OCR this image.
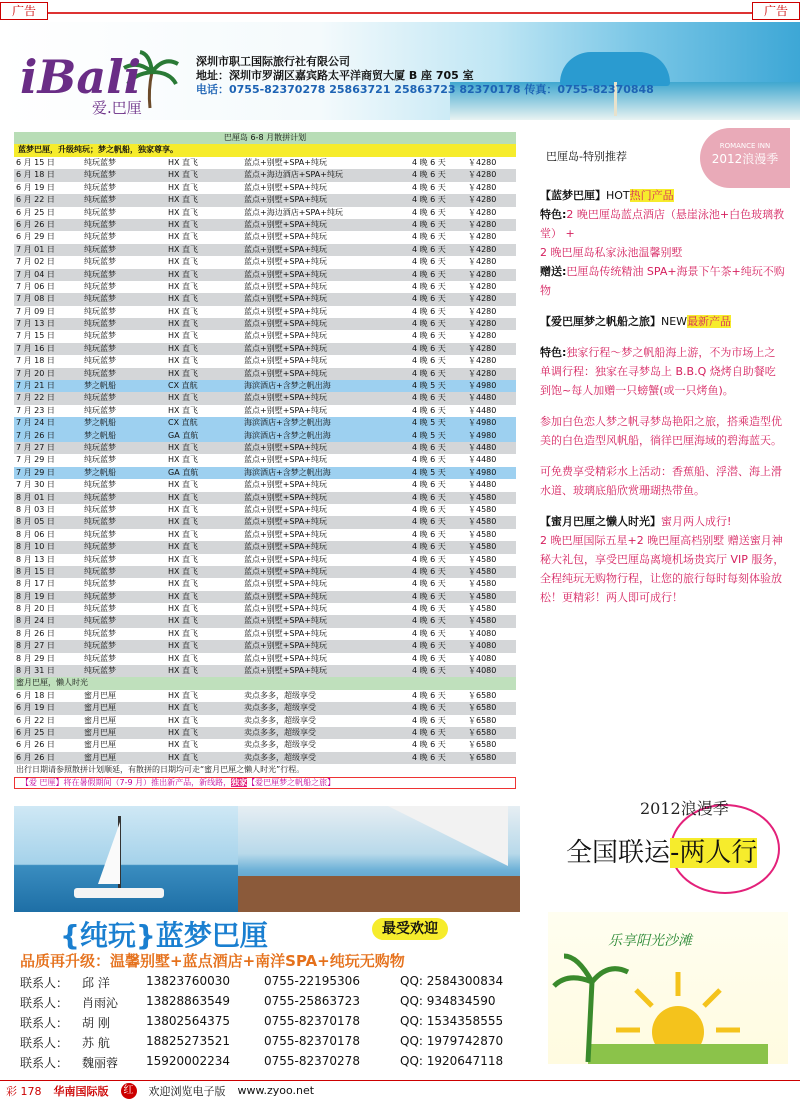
广告	广告
iBali
爱.巴厘
深圳市职工国际旅行社有限公司
地址：深圳市罗湖区嘉宾路太平洋商贸大厦 B 座 705 室
电话：0755-82370278 25863721 25863723 82370178 传真：0755-82370848
巴厘岛 6-8 月散拼计划
蓝梦巴厘，升级纯玩；梦之帆船，独家尊享。
6 月 15 日	纯玩蓝梦	HX 直飞	蓝点+别墅+SPA+纯玩	4 晚 6 天	￥4280
6 月 18 日	纯玩蓝梦	HX 直飞	蓝点+海边酒店+SPA+纯玩	4 晚 6 天	￥4280
6 月 19 日	纯玩蓝梦	HX 直飞	蓝点+别墅+SPA+纯玩	4 晚 6 天	￥4280
6 月 22 日	纯玩蓝梦	HX 直飞	蓝点+别墅+SPA+纯玩	4 晚 6 天	￥4280
6 月 25 日	纯玩蓝梦	HX 直飞	蓝点+海边酒店+SPA+纯玩	4 晚 6 天	￥4280
6 月 26 日	纯玩蓝梦	HX 直飞	蓝点+别墅+SPA+纯玩	4 晚 6 天	￥4280
6 月 29 日	纯玩蓝梦	HX 直飞	蓝点+别墅+SPA+纯玩	4 晚 6 天	￥4280
7 月 01 日	纯玩蓝梦	HX 直飞	蓝点+别墅+SPA+纯玩	4 晚 6 天	￥4280
7 月 02 日	纯玩蓝梦	HX 直飞	蓝点+别墅+SPA+纯玩	4 晚 6 天	￥4280
7 月 04 日	纯玩蓝梦	HX 直飞	蓝点+别墅+SPA+纯玩	4 晚 6 天	￥4280
7 月 06 日	纯玩蓝梦	HX 直飞	蓝点+别墅+SPA+纯玩	4 晚 6 天	￥4280
7 月 08 日	纯玩蓝梦	HX 直飞	蓝点+别墅+SPA+纯玩	4 晚 6 天	￥4280
7 月 09 日	纯玩蓝梦	HX 直飞	蓝点+别墅+SPA+纯玩	4 晚 6 天	￥4280
7 月 13 日	纯玩蓝梦	HX 直飞	蓝点+别墅+SPA+纯玩	4 晚 6 天	￥4280
7 月 15 日	纯玩蓝梦	HX 直飞	蓝点+别墅+SPA+纯玩	4 晚 6 天	￥4280
7 月 16 日	纯玩蓝梦	HX 直飞	蓝点+别墅+SPA+纯玩	4 晚 6 天	￥4280
7 月 18 日	纯玩蓝梦	HX 直飞	蓝点+别墅+SPA+纯玩	4 晚 6 天	￥4280
7 月 20 日	纯玩蓝梦	HX 直飞	蓝点+别墅+SPA+纯玩	4 晚 6 天	￥4280
7 月 21 日	梦之帆船	CX 直航	海滨酒店+含梦之帆出海	4 晚 5 天	￥4980
7 月 22 日	纯玩蓝梦	HX 直飞	蓝点+别墅+SPA+纯玩	4 晚 6 天	￥4480
7 月 23 日	纯玩蓝梦	HX 直飞	蓝点+别墅+SPA+纯玩	4 晚 6 天	￥4480
7 月 24 日	梦之帆船	CX 直航	海滨酒店+含梦之帆出海	4 晚 5 天	￥4980
7 月 26 日	梦之帆船	GA 直航	海滨酒店+含梦之帆出海	4 晚 5 天	￥4980
7 月 27 日	纯玩蓝梦	HX 直飞	蓝点+别墅+SPA+纯玩	4 晚 6 天	￥4480
7 月 29 日	纯玩蓝梦	HX 直飞	蓝点+别墅+SPA+纯玩	4 晚 6 天	￥4480
7 月 29 日	梦之帆船	GA 直航	海滨酒店+含梦之帆出海	4 晚 5 天	￥4980
7 月 30 日	纯玩蓝梦	HX 直飞	蓝点+别墅+SPA+纯玩	4 晚 6 天	￥4480
8 月 01 日	纯玩蓝梦	HX 直飞	蓝点+别墅+SPA+纯玩	4 晚 6 天	￥4580
8 月 03 日	纯玩蓝梦	HX 直飞	蓝点+别墅+SPA+纯玩	4 晚 6 天	￥4580
8 月 05 日	纯玩蓝梦	HX 直飞	蓝点+别墅+SPA+纯玩	4 晚 6 天	￥4580
8 月 06 日	纯玩蓝梦	HX 直飞	蓝点+别墅+SPA+纯玩	4 晚 6 天	￥4580
8 月 10 日	纯玩蓝梦	HX 直飞	蓝点+别墅+SPA+纯玩	4 晚 6 天	￥4580
8 月 13 日	纯玩蓝梦	HX 直飞	蓝点+别墅+SPA+纯玩	4 晚 6 天	￥4580
8 月 15 日	纯玩蓝梦	HX 直飞	蓝点+别墅+SPA+纯玩	4 晚 6 天	￥4580
8 月 17 日	纯玩蓝梦	HX 直飞	蓝点+别墅+SPA+纯玩	4 晚 6 天	￥4580
8 月 19 日	纯玩蓝梦	HX 直飞	蓝点+别墅+SPA+纯玩	4 晚 6 天	￥4580
8 月 20 日	纯玩蓝梦	HX 直飞	蓝点+别墅+SPA+纯玩	4 晚 6 天	￥4580
8 月 24 日	纯玩蓝梦	HX 直飞	蓝点+别墅+SPA+纯玩	4 晚 6 天	￥4580
8 月 26 日	纯玩蓝梦	HX 直飞	蓝点+别墅+SPA+纯玩	4 晚 6 天	￥4080
8 月 27 日	纯玩蓝梦	HX 直飞	蓝点+别墅+SPA+纯玩	4 晚 6 天	￥4080
8 月 29 日	纯玩蓝梦	HX 直飞	蓝点+别墅+SPA+纯玩	4 晚 6 天	￥4080
8 月 31 日	纯玩蓝梦	HX 直飞	蓝点+别墅+SPA+纯玩	4 晚 6 天	￥4080
蜜月巴厘，懒人时光
6 月 18 日	蜜月巴厘	HX 直飞	卖点多多，超级享受	4 晚 6 天	￥6580
6 月 19 日	蜜月巴厘	HX 直飞	卖点多多，超级享受	4 晚 6 天	￥6580
6 月 22 日	蜜月巴厘	HX 直飞	卖点多多，超级享受	4 晚 6 天	￥6580
6 月 25 日	蜜月巴厘	HX 直飞	卖点多多，超级享受	4 晚 6 天	￥6580
6 月 26 日	蜜月巴厘	HX 直飞	卖点多多，超级享受	4 晚 6 天	￥6580
6 月 26 日	蜜月巴厘	HX 直飞	卖点多多，超级享受	4 晚 6 天	￥6580
出行日期请参照散拼计划顺延，有散拼的日期均可走“蜜月巴厘之懒人时光”行程。
【爱 巴厘】将在暑假期间（7-9 月）推出新产品，新线路，独家【爱巴厘梦之帆船之旅】
ROMANCE INN
2012浪漫季
巴厘岛-特别推荐
【蓝梦巴厘】HOT热门产品
特色:2 晚巴厘岛蓝点酒店（悬崖泳池+白色玻璃教堂） +
2 晚巴厘岛私家泳池温馨别墅
赠送:巴厘岛传统精油 SPA+海景下午茶+纯玩不购物
【爱巴厘梦之帆船之旅】NEW最新产品
特色:独家行程～梦之帆船海上游，不为市场上之单调行程：独家在寻梦岛上 B.B.Q 烧烤自助餐吃到饱~每人加赠一只螃蟹(或一只烤鱼)。
参加白色恋人梦之帆寻梦岛艳阳之旅，搭乘造型优美的白色造型风帆船，徜徉巴厘海域的碧海蓝天。
可免费享受精彩水上活动：香蕉船、浮潜、海上滑水道、玻璃底船欣赏珊瑚热带鱼。
【蜜月巴厘之懒人时光】蜜月两人成行!
2 晚巴厘国际五星+2 晚巴厘高档别墅 赠送蜜月神秘大礼包，享受巴厘岛离境机场贵宾厅 VIP 服务，全程纯玩无购物行程，让您的旅行每时每刻体验放松！更精彩！两人即可成行！
2012浪漫季
全国联运-两人行
乐享阳光沙滩
{纯玩}蓝梦巴厘	最受欢迎
品质再升级：温馨别墅+蓝点酒店+南洋SPA+纯玩无购物
联系人：	邱 洋	13823760030	0755-22195306	QQ: 2584300834
联系人：	肖雨沁	13828863549	0755-25863723	QQ: 934834590
联系人：	胡 刚	13802564375	0755-82370178	QQ: 1534358555
联系人：	苏 航	18825273521	0755-82370178	QQ: 1979742870
联系人：	魏丽蓉	15920002234	0755-82370278	QQ: 1920647118
彩 178 华南国际版	红 欢迎浏览电子版 www.zyoo.net
